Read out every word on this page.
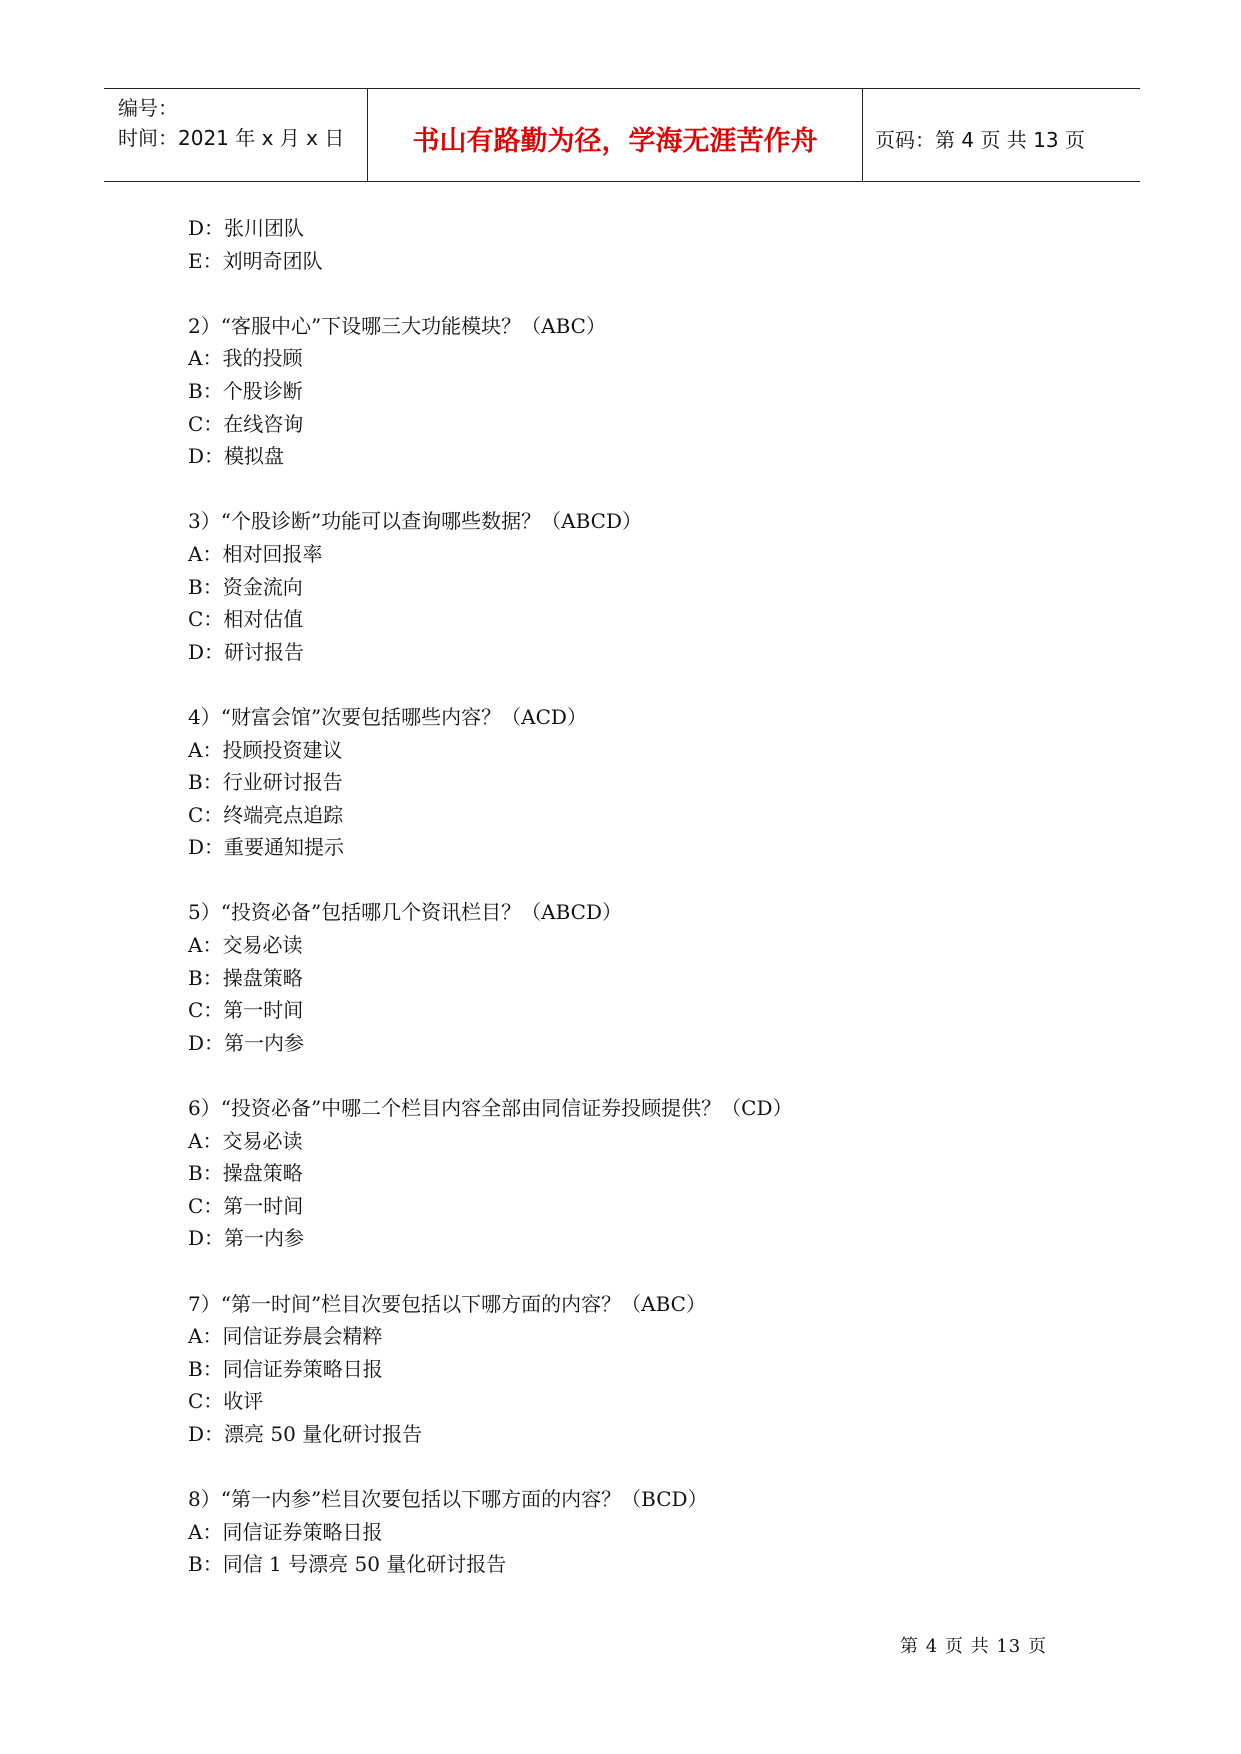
编号：
时间：2021 年 x 月 x 日	书山有路勤为径，学海无涯苦作舟	页码：第 4 页 共 13 页
D：张川团队
E：刘明奇团队
2）“客服中心”下设哪三大功能模块？（ABC）
A：我的投顾
B：个股诊断
C：在线咨询
D：模拟盘
3）“个股诊断”功能可以查询哪些数据？（ABCD）
A：相对回报率
B：资金流向
C：相对估值
D：研讨报告
4）“财富会馆”次要包括哪些内容？（ACD）
A：投顾投资建议
B：行业研讨报告
C：终端亮点追踪
D：重要通知提示
5）“投资必备”包括哪几个资讯栏目？（ABCD）
A：交易必读
B：操盘策略
C：第一时间
D：第一内参
6）“投资必备”中哪二个栏目内容全部由同信证券投顾提供？（CD）
A：交易必读
B：操盘策略
C：第一时间
D：第一内参
7）“第一时间”栏目次要包括以下哪方面的内容？（ABC）
A：同信证券晨会精粹
B：同信证券策略日报
C：收评
D：漂亮 50 量化研讨报告
8）“第一内参”栏目次要包括以下哪方面的内容？（BCD）
A：同信证券策略日报
B：同信 1 号漂亮 50 量化研讨报告
第 4 页 共 13 页
